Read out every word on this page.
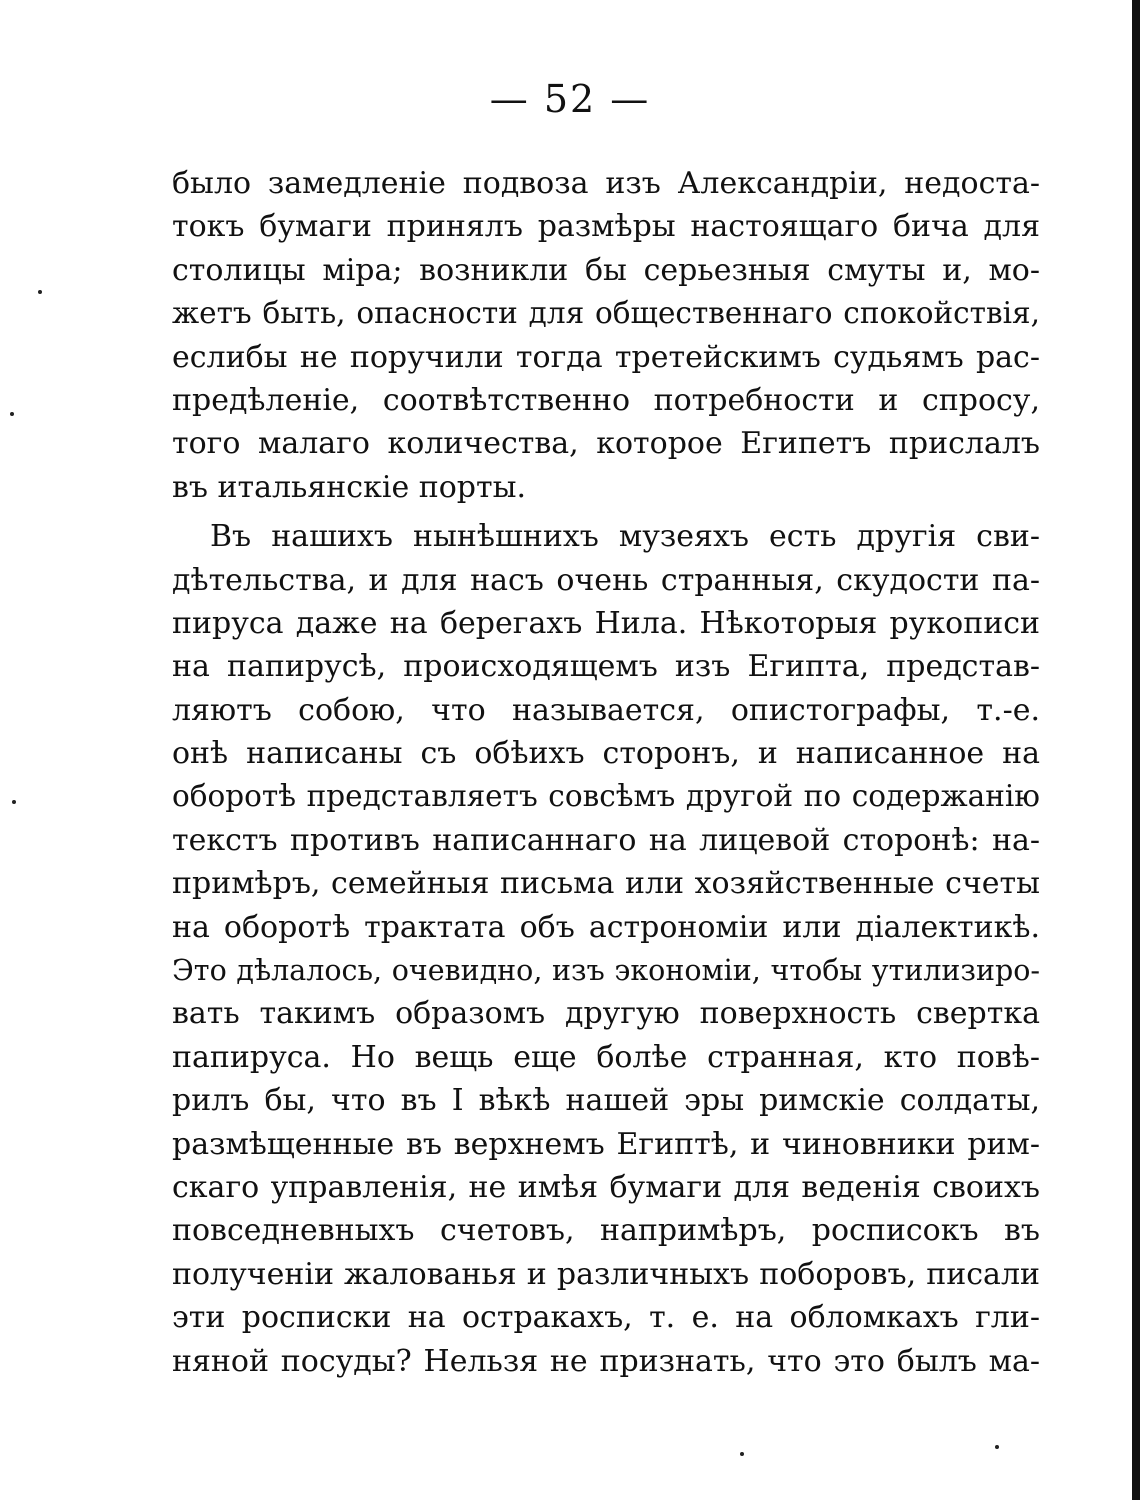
— 52 —
было замедленіе подвоза изъ Александріи, недоста-
токъ бумаги принялъ размѣры настоящаго бича для
столицы міра; возникли бы серьезныя смуты и, мо-
жетъ быть, опасности для общественнаго спокойствія,
еслибы не поручили тогда третейскимъ судьямъ рас-
предѣленіе, соотвѣтственно потребности и спросу,
того малаго количества, которое Египетъ прислалъ
въ итальянскіе порты.
Въ нашихъ нынѣшнихъ музеяхъ есть другія сви-
дѣтельства, и для насъ очень странныя, скудости па-
пируса даже на берегахъ Нила. Нѣкоторыя рукописи
на папирусѣ, происходящемъ изъ Египта, представ-
ляютъ собою, что называется, опистографы, т.-е.
онѣ написаны съ обѣихъ сторонъ, и написанное на
оборотѣ представляетъ совсѣмъ другой по содержанію
текстъ противъ написаннаго на лицевой сторонѣ: на-
примѣръ, семейныя письма или хозяйственные счеты
на оборотѣ трактата объ астрономіи или діалектикѣ.
Это дѣлалось, очевидно, изъ экономіи, чтобы утилизиро-
вать такимъ образомъ другую поверхность свертка
папируса. Но вещь еще болѣе странная, кто повѣ-
рилъ бы, что въ I вѣкѣ нашей эры римскіе солдаты,
размѣщенные въ верхнемъ Египтѣ, и чиновники рим-
скаго управленія, не имѣя бумаги для веденія своихъ
повседневныхъ счетовъ, напримѣръ, росписокъ въ
полученіи жалованья и различныхъ поборовъ, писали
эти росписки на остракахъ, т. е. на обломкахъ гли-
няной посуды? Нельзя не признать, что это былъ ма-
